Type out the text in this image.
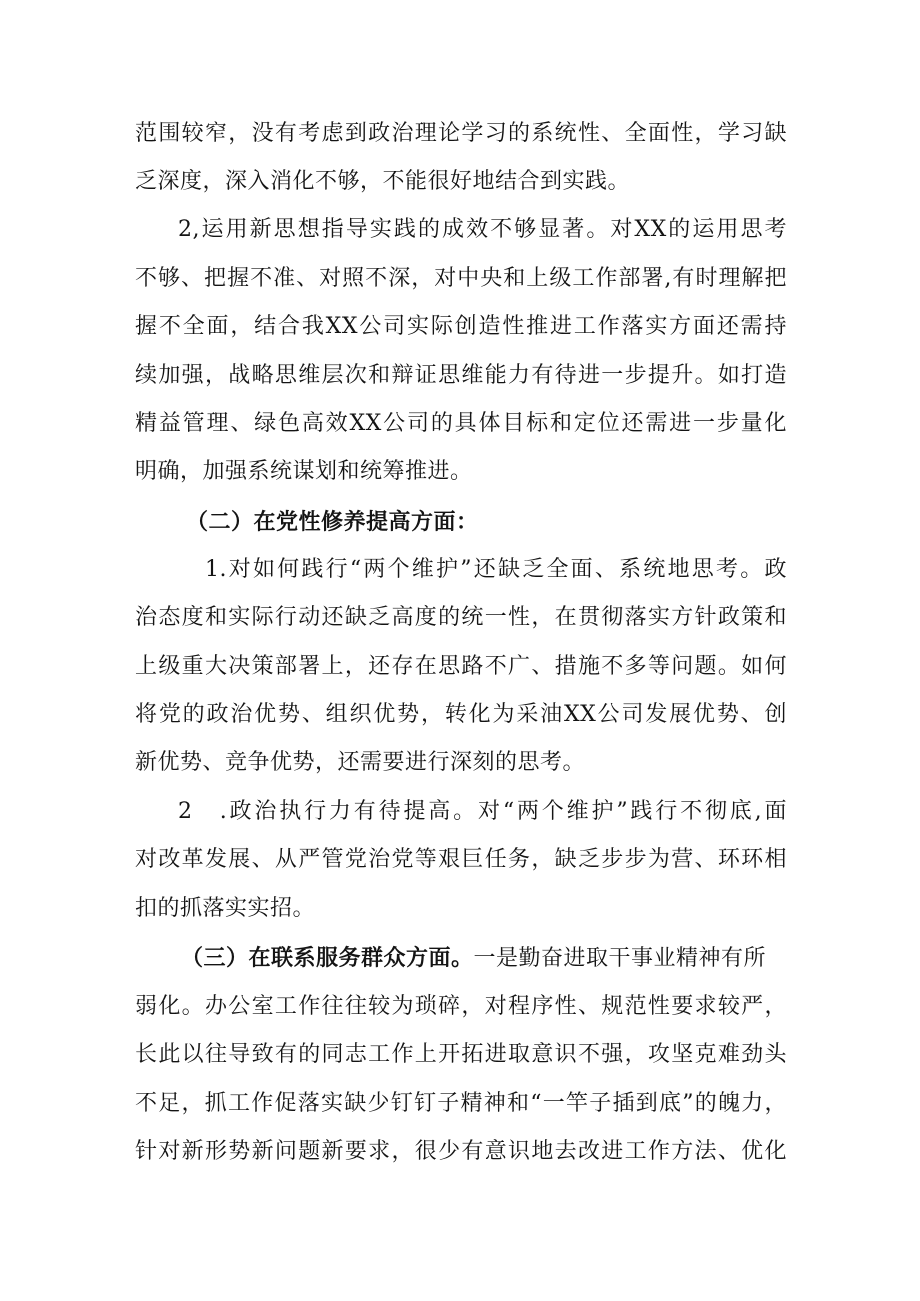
范围较窄，没有考虑到政治理论学习的系统性、全面性，学习缺
乏深度，深入消化不够，不能很好地结合到实践。
2,运用新思想指导实践的成效不够显著。对XX的运用思考
不够、把握不准、对照不深，对中央和上级工作部署,有时理解把
握不全面，结合我XX公司实际创造性推进工作落实方面还需持
续加强，战略思维层次和辩证思维能力有待进一步提升。如打造
精益管理、绿色高效XX公司的具体目标和定位还需进一步量化
明确，加强系统谋划和统筹推进。
（二）在党性修养提高方面：
1.对如何践行“两个维护”还缺乏全面、系统地思考。政
治态度和实际行动还缺乏高度的统一性，在贯彻落实方针政策和
上级重大决策部署上，还存在思路不广、措施不多等问题。如何
将党的政治优势、组织优势，转化为采油XX公司发展优势、创
新优势、竞争优势，还需要进行深刻的思考。
2　.政治执行力有待提高。对“两个维护”践行不彻底,面
对改革发展、从严管党治党等艰巨任务，缺乏步步为营、环环相
扣的抓落实实招。
（三）在联系服务群众方面。一是勤奋进取干事业精神有所
弱化。办公室工作往往较为琐碎，对程序性、规范性要求较严，
长此以往导致有的同志工作上开拓进取意识不强，攻坚克难劲头
不足，抓工作促落实缺少钉钉子精神和“一竿子插到底”的魄力，
针对新形势新问题新要求，很少有意识地去改进工作方法、优化
